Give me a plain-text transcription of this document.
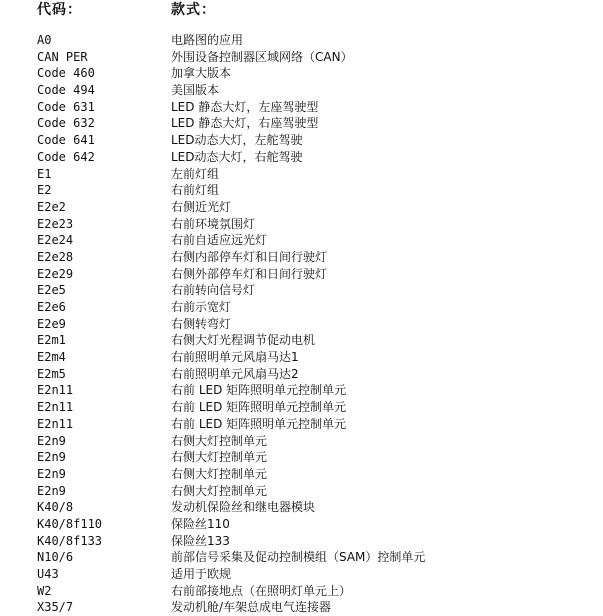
代码：	款式：
A0	电路图的应用
CAN PER	外围设备控制器区域网络（CAN）
Code 460	加拿大版本
Code 494	美国版本
Code 631	LED 静态大灯，左座驾驶型
Code 632	LED 静态大灯，右座驾驶型
Code 641	LED动态大灯，左舵驾驶
Code 642	LED动态大灯，右舵驾驶
E1	左前灯组
E2	右前灯组
E2e2	右侧近光灯
E2e23	右前环境氛围灯
E2e24	右前自适应远光灯
E2e28	右侧内部停车灯和日间行驶灯
E2e29	右侧外部停车灯和日间行驶灯
E2e5	右前转向信号灯
E2e6	右前示宽灯
E2e9	右侧转弯灯
E2m1	右侧大灯光程调节促动电机
E2m4	右前照明单元风扇马达1
E2m5	右前照明单元风扇马达2
E2n11	右前 LED 矩阵照明单元控制单元
E2n11	右前 LED 矩阵照明单元控制单元
E2n11	右前 LED 矩阵照明单元控制单元
E2n9	右侧大灯控制单元
E2n9	右侧大灯控制单元
E2n9	右侧大灯控制单元
E2n9	右侧大灯控制单元
K40/8	发动机保险丝和继电器模块
K40/8f110	保险丝110
K40/8f133	保险丝133
N10/6	前部信号采集及促动控制模组（SAM）控制单元
U43	适用于欧规
W2	右前部接地点（在照明灯单元上）
X35/7	发动机舱/车架总成电气连接器
